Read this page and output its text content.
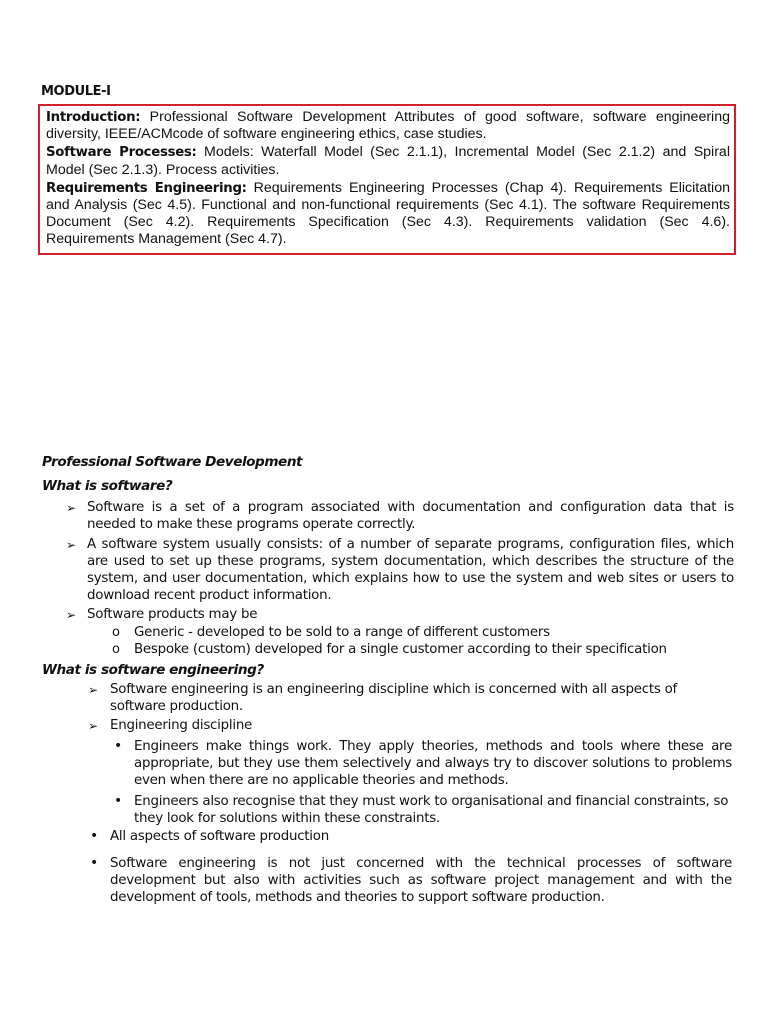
MODULE-I

Introduction: Professional Software Development Attributes of good software, software engineering diversity, IEEE/ACMcode of software engineering ethics, case studies.

Software Processes: Models: Waterfall Model (Sec 2.1.1), Incremental Model (Sec 2.1.2) and Spiral Model (Sec 2.1.3). Process activities.

Requirements Engineering: Requirements Engineering Processes (Chap 4). Requirements Elicitation and Analysis (Sec 4.5). Functional and non-functional requirements (Sec 4.1). The software Requirements Document (Sec 4.2). Requirements Specification (Sec 4.3). Requirements validation (Sec 4.6). Requirements Management (Sec 4.7).

Professional Software Development
What is software?
➢ Software is a set of a program associated with documentation and configuration data that is needed to make these programs operate correctly.
➢ A software system usually consists: of a number of separate programs, configuration files, which are used to set up these programs, system documentation, which describes the structure of the system, and user documentation, which explains how to use the system and web sites or users to download recent product information.
➢ Software products may be
o Generic - developed to be sold to a range of different customers
o Bespoke (custom) developed for a single customer according to their specification
What is software engineering?
➢ Software engineering is an engineering discipline which is concerned with all aspects of software production.
➢ Engineering discipline
• Engineers make things work. They apply theories, methods and tools where these are appropriate, but they use them selectively and always try to discover solutions to problems even when there are no applicable theories and methods.
• Engineers also recognise that they must work to organisational and financial constraints, so they look for solutions within these constraints.
• All aspects of software production
• Software engineering is not just concerned with the technical processes of software development but also with activities such as software project management and with the development of tools, methods and theories to support software production.
